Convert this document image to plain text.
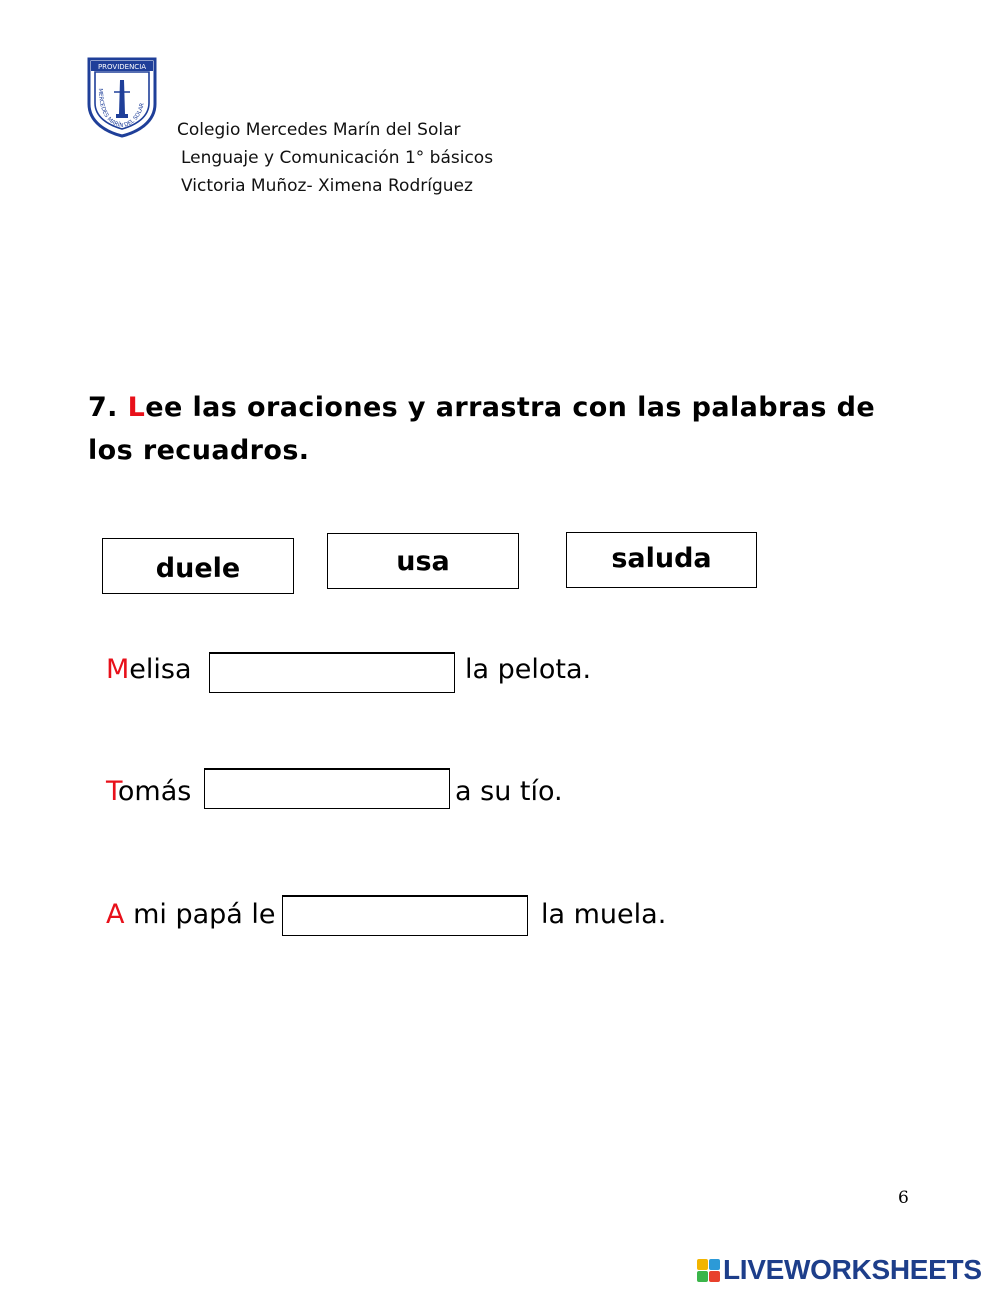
PROVIDENCIA
MERCEDES MARÍN DEL SOLAR
Colegio Mercedes Marín del Solar
Lenguaje y Comunicación 1° básicos
Victoria Muñoz- Ximena Rodríguez
7. Lee las oraciones y arrastra con las palabras de los recuadros.
duele	usa	saluda
Melisa	la pelota.
Tomás	a su tío.
A mi papá le	la muela.
6
LIVEWORKSHEETS
